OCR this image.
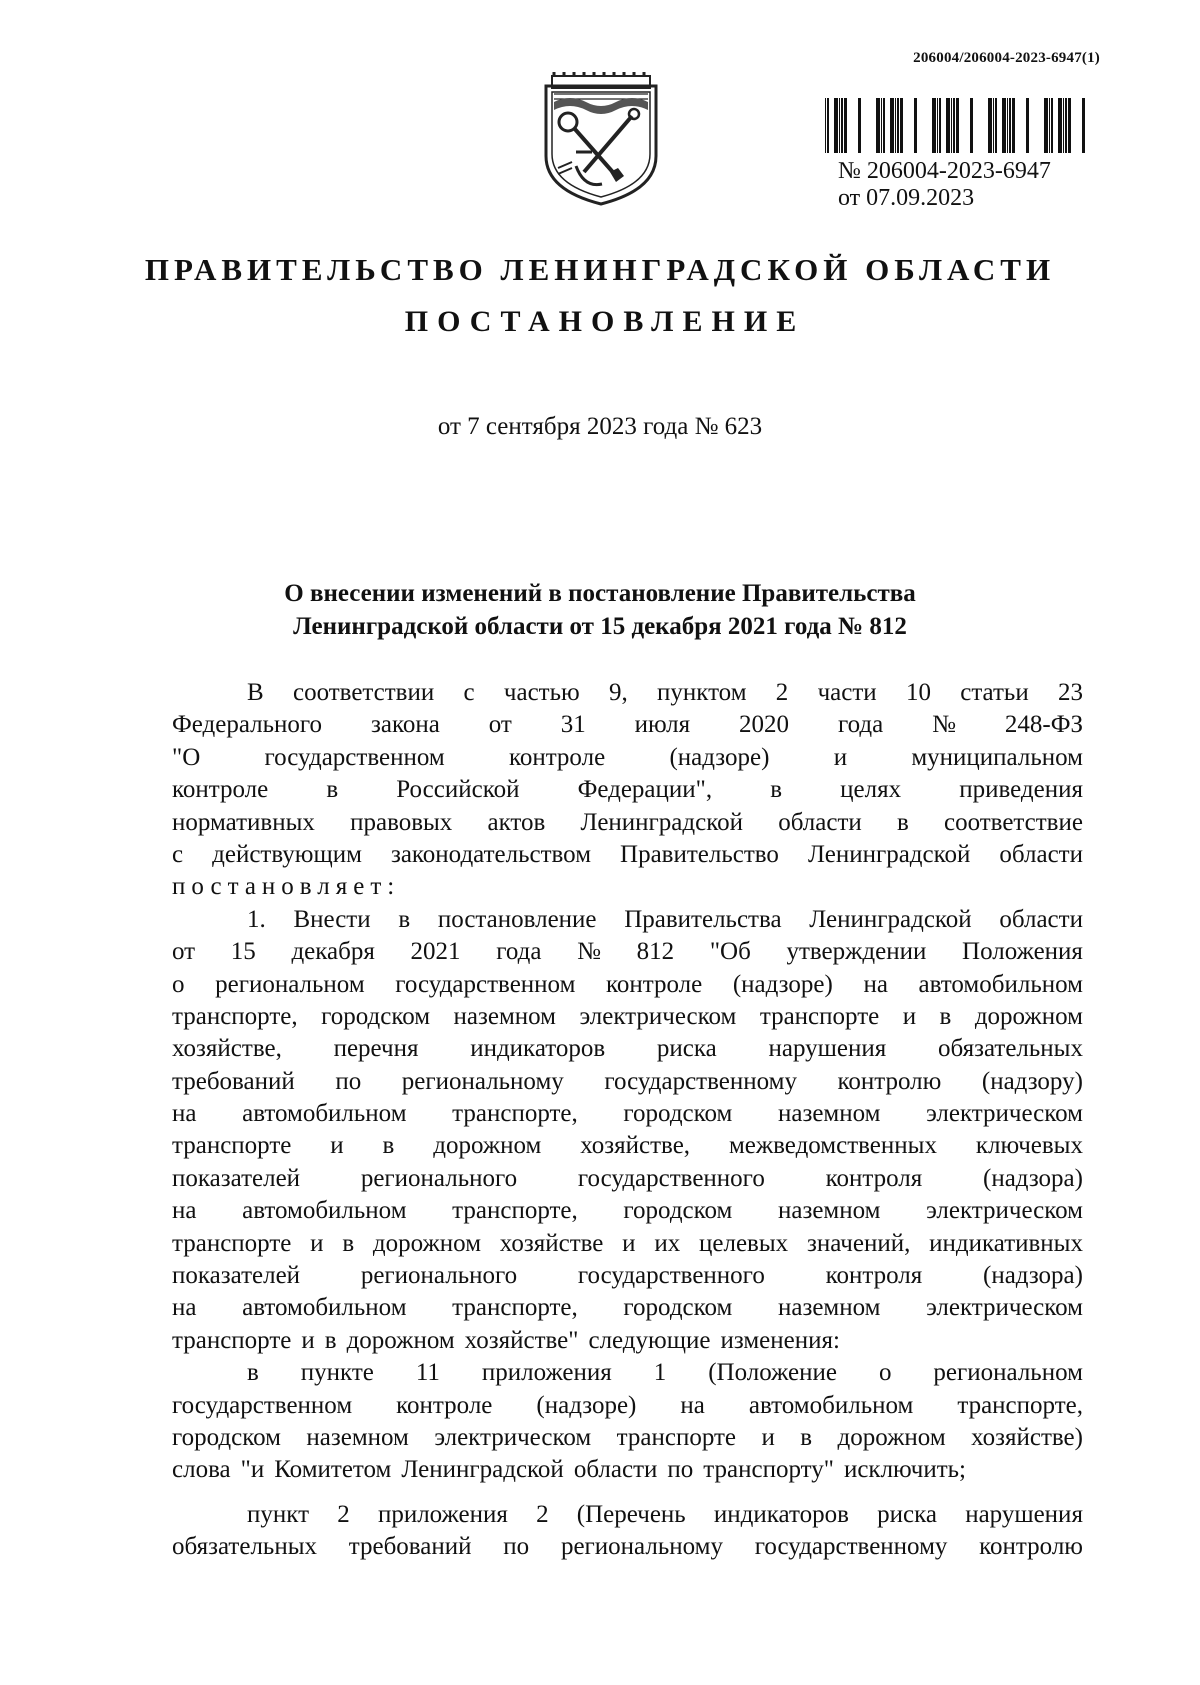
206004/206004-2023-6947(1)
№ 206004-2023-6947
от 07.09.2023
ПРАВИТЕЛЬСТВО ЛЕНИНГРАДСКОЙ ОБЛАСТИ
ПОСТАНОВЛЕНИЕ
от 7 сентября 2023 года № 623
О внесении изменений в постановление Правительства
Ленинградской области от 15 декабря 2021 года № 812
В соответствии с частью 9, пунктом 2 части 10 статьи 23
Федерального закона от 31 июля 2020 года № 248-ФЗ
"О	государственном	контроле	(надзоре)	и	муниципальном
контроле в Российской Федерации", в целях приведения
нормативных правовых актов Ленинградской области в соответствие
с действующим законодательством Правительство Ленинградской области
постановляет:
1. Внести в постановление Правительства Ленинградской области
от 15 декабря 2021 года № 812 "Об утверждении Положения
о региональном государственном контроле (надзоре) на автомобильном
транспорте, городском наземном электрическом транспорте и в дорожном
хозяйстве, перечня индикаторов риска нарушения обязательных
требований по региональному государственному контролю (надзору)
на автомобильном транспорте, городском наземном электрическом
транспорте и в дорожном хозяйстве, межведомственных ключевых
показателей регионального государственного контроля (надзора)
на автомобильном транспорте, городском наземном электрическом
транспорте и в дорожном хозяйстве и их целевых значений, индикативных
показателей регионального государственного контроля (надзора)
на автомобильном транспорте, городском наземном электрическом
транспорте и в дорожном хозяйстве" следующие изменения:
в пункте 11 приложения 1 (Положение о региональном
государственном контроле (надзоре) на автомобильном транспорте,
городском наземном электрическом транспорте и в дорожном хозяйстве)
слова "и Комитетом Ленинградской области по транспорту" исключить;
пункт 2 приложения 2 (Перечень индикаторов риска нарушения
обязательных требований по региональному государственному контролю
